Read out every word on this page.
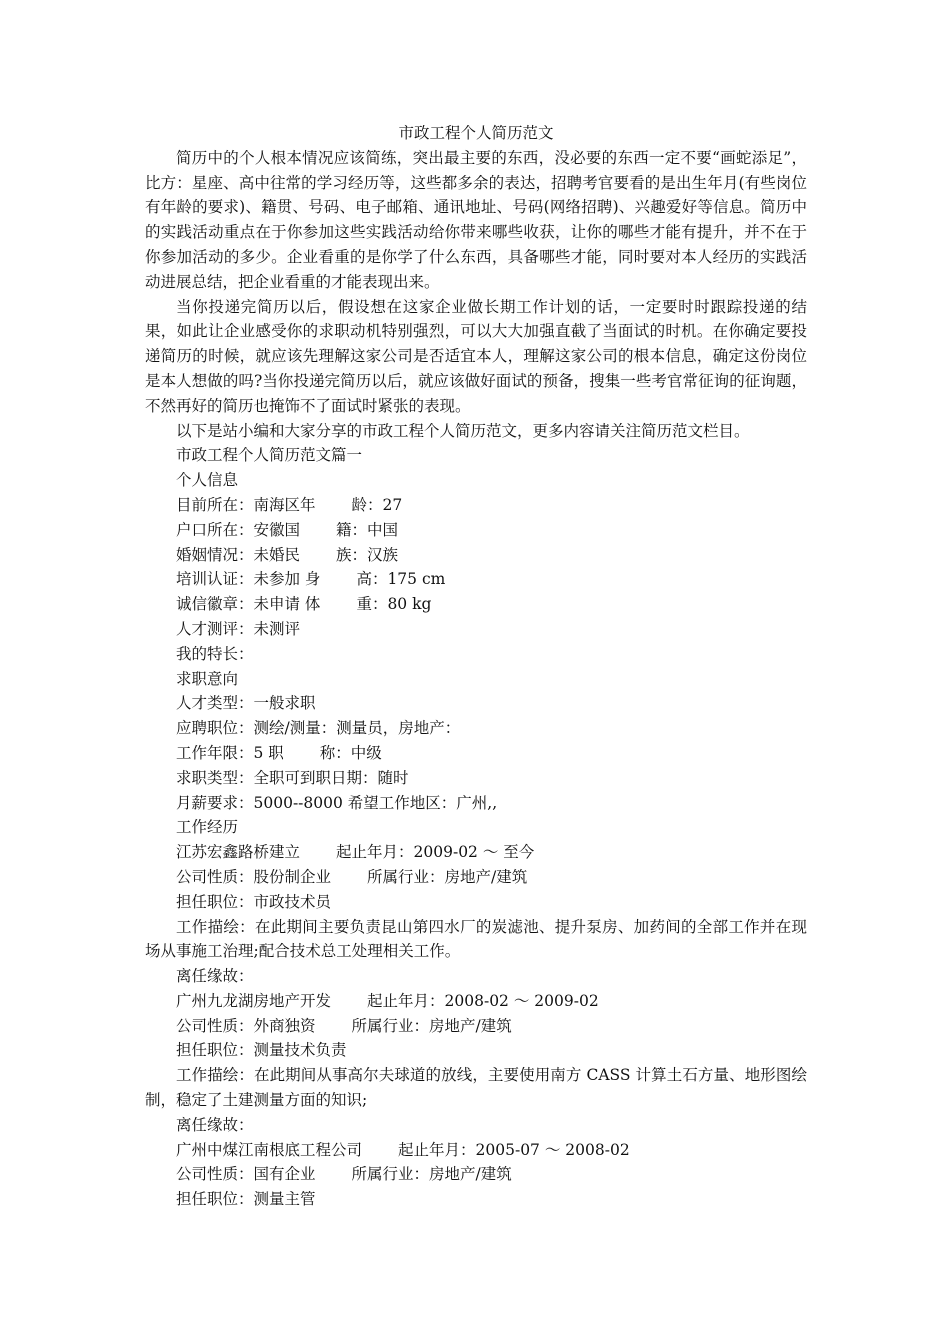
市政工程个人简历范文

简历中的个人根本情况应该简练，突出最主要的东西，没必要的东西一定不要“画蛇添足”，比方：星座、高中往常的学习经历等，这些都多余的表达，招聘考官要看的是出生年月(有些岗位有年龄的要求)、籍贯、号码、电子邮箱、通讯地址、号码(网络招聘)、兴趣爱好等信息。简历中的实践活动重点在于你参加这些实践活动给你带来哪些收获，让你的哪些才能有提升，并不在于你参加活动的多少。企业看重的是你学了什么东西，具备哪些才能，同时要对本人经历的实践活动进展总结，把企业看重的才能表现出来。

当你投递完简历以后，假设想在这家企业做长期工作计划的话，一定要时时跟踪投递的结果，如此让企业感受你的求职动机特别强烈，可以大大加强直截了当面试的时机。在你确定要投递简历的时候，就应该先理解这家公司是否适宜本人，理解这家公司的根本信息，确定这份岗位是本人想做的吗?当你投递完简历以后，就应该做好面试的预备，搜集一些考官常征询的征询题，不然再好的简历也掩饰不了面试时紧张的表现。

以下是站小编和大家分享的市政工程个人简历范文，更多内容请关注简历范文栏目。

市政工程个人简历范文篇一

个人信息

目前所在：南海区年 龄：27

户口所在：安徽国 籍：中国

婚姻情况：未婚民 族：汉族

培训认证：未参加 身 高：175 cm

诚信徽章：未申请 体 重：80 kg

人才测评：未测评

我的特长：

求职意向

人才类型：一般求职

应聘职位：测绘/测量：测量员，房地产：

工作年限：5 职 称：中级

求职类型：全职可到职日期：随时

月薪要求：5000--8000 希望工作地区：广州,,

工作经历

江苏宏鑫路桥建立 起止年月：2009-02 ～ 至今

公司性质：股份制企业 所属行业：房地产/建筑

担任职位：市政技术员

工作描绘：在此期间主要负责昆山第四水厂的炭滤池、提升泵房、加药间的全部工作并在现场从事施工治理;配合技术总工处理相关工作。

离任缘故：

广州九龙湖房地产开发 起止年月：2008-02 ～ 2009-02

公司性质：外商独资 所属行业：房地产/建筑

担任职位：测量技术负责

工作描绘：在此期间从事高尔夫球道的放线，主要使用南方 CASS 计算土石方量、地形图绘制，稳定了土建测量方面的知识;

离任缘故：

广州中煤江南根底工程公司 起止年月：2005-07 ～ 2008-02

公司性质：国有企业 所属行业：房地产/建筑

担任职位：测量主管
